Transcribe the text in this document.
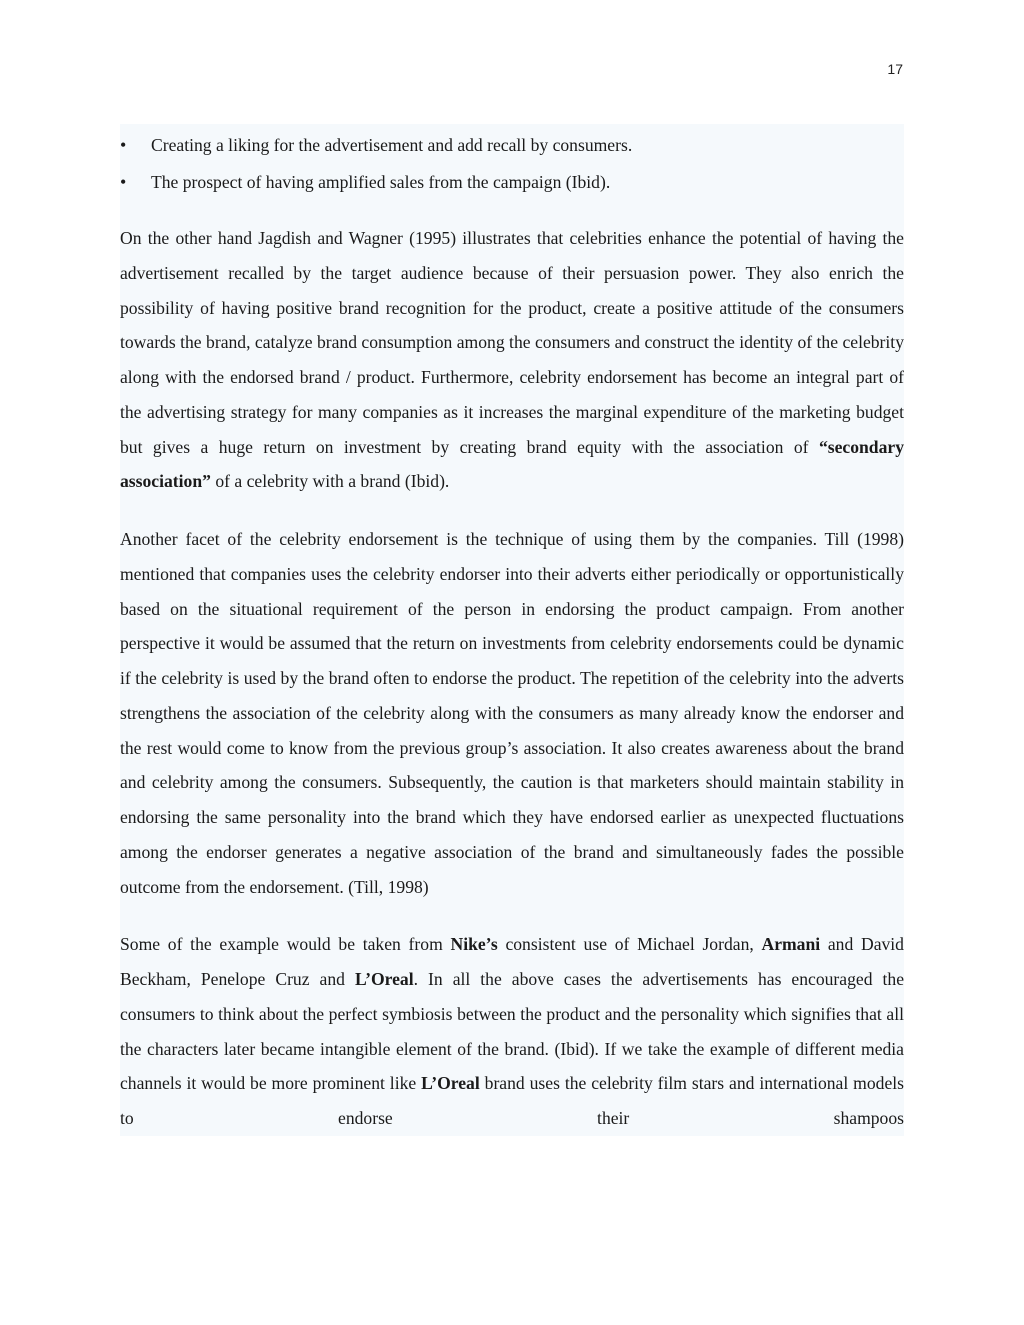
17
• Creating a liking for the advertisement and add recall by consumers.
• The prospect of having amplified sales from the campaign (Ibid).

On the other hand Jagdish and Wagner (1995) illustrates that celebrities enhance the potential of having the advertisement recalled by the target audience because of their persuasion power. They also enrich the possibility of having positive brand recognition for the product, create a positive attitude of the consumers towards the brand, catalyze brand consumption among the consumers and construct the identity of the celebrity along with the endorsed brand / product. Furthermore, celebrity endorsement has become an integral part of the advertising strategy for many companies as it increases the marginal expenditure of the marketing budget but gives a huge return on investment by creating brand equity with the association of “secondary association” of a celebrity with a brand (Ibid).

Another facet of the celebrity endorsement is the technique of using them by the companies. Till (1998) mentioned that companies uses the celebrity endorser into their adverts either periodically or opportunistically based on the situational requirement of the person in endorsing the product campaign. From another perspective it would be assumed that the return on investments from celebrity endorsements could be dynamic if the celebrity is used by the brand often to endorse the product. The repetition of the celebrity into the adverts strengthens the association of the celebrity along with the consumers as many already know the endorser and the rest would come to know from the previous group’s association. It also creates awareness about the brand and celebrity among the consumers. Subsequently, the caution is that marketers should maintain stability in endorsing the same personality into the brand which they have endorsed earlier as unexpected fluctuations among the endorser generates a negative association of the brand and simultaneously fades the possible outcome from the endorsement. (Till, 1998)

Some of the example would be taken from Nike’s consistent use of Michael Jordan, Armani and David Beckham, Penelope Cruz and L’Oreal. In all the above cases the advertisements has encouraged the consumers to think about the perfect symbiosis between the product and the personality which signifies that all the characters later became intangible element of the brand. (Ibid). If we take the example of different media channels it would be more prominent like L’Oreal brand uses the celebrity film stars and international models to endorse their shampoos
